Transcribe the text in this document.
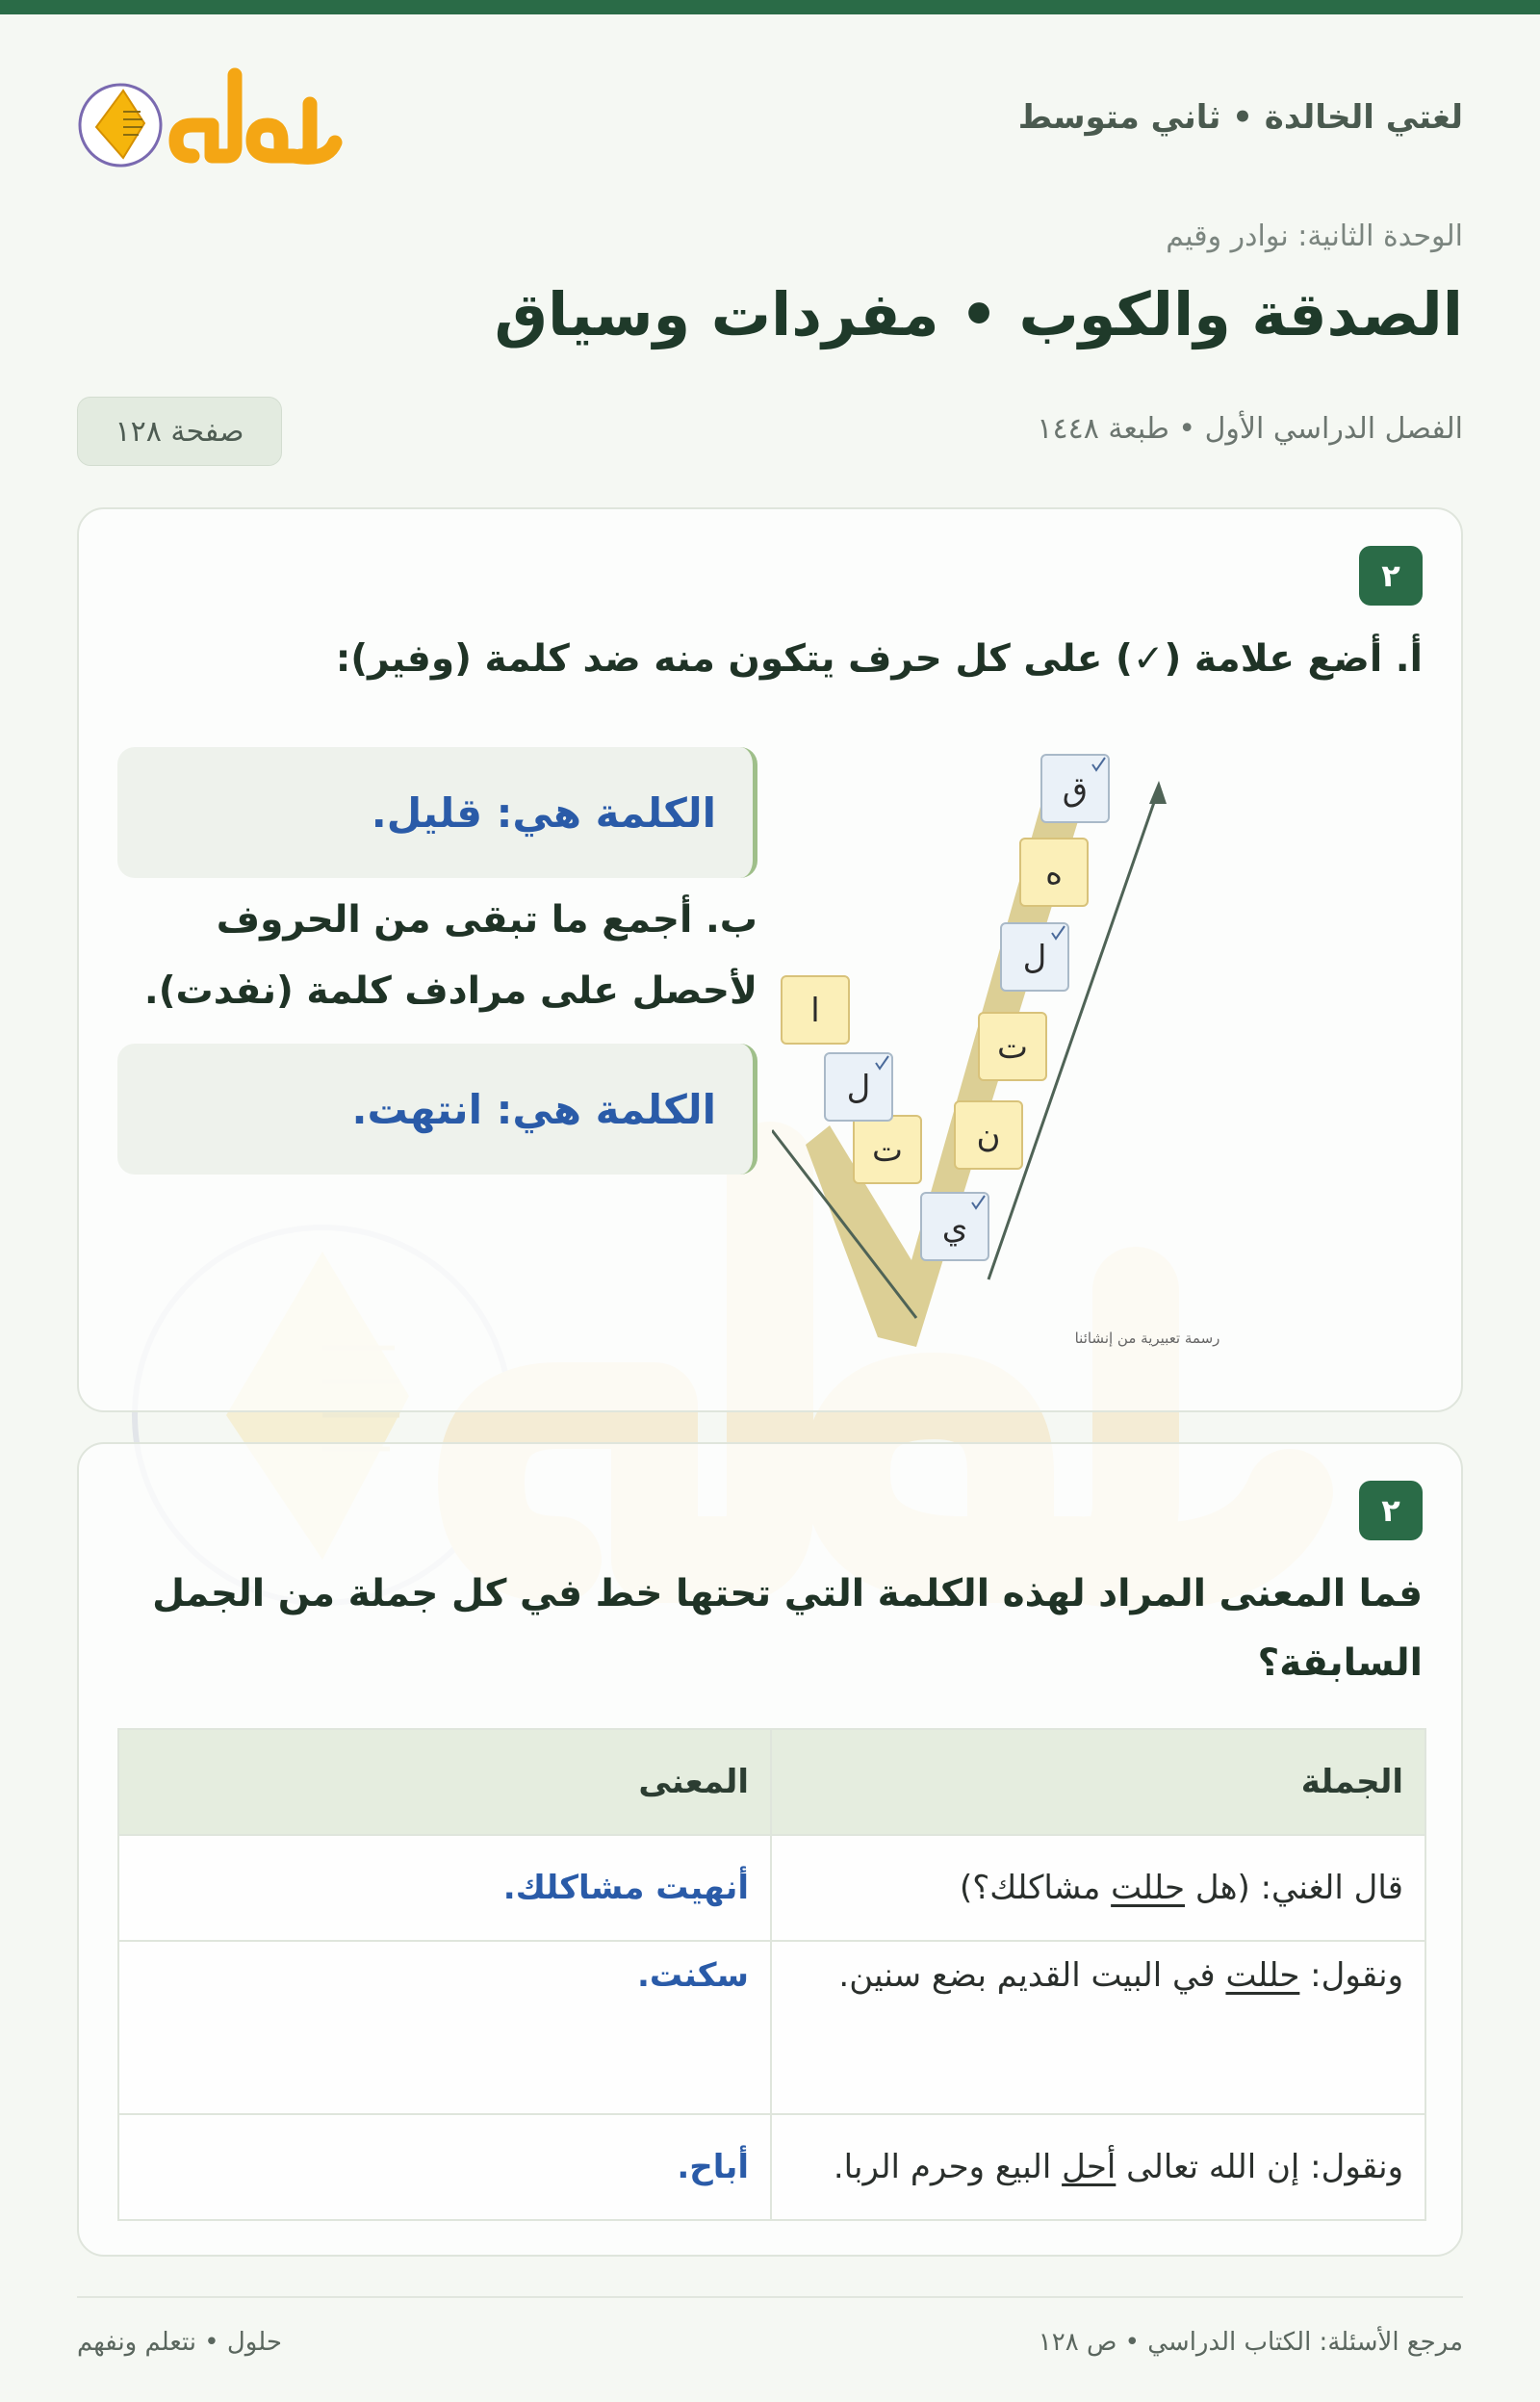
لغتي الخالدة • ثاني متوسط
الوحدة الثانية: نوادر وقيم
الصدقة والكوب • مفردات وسياق
الفصل الدراسي الأول • طبعة ١٤٤٨
صفحة ١٢٨
٢
أ. أضع علامة (✓) على كل حرف يتكون منه ضد كلمة (وفير):
الكلمة هي: قليل.
ب. أجمع ما تبقى من الحروف
لأحصل على مرادف كلمة (نفدت).
الكلمة هي: انتهت.
ق
ه
ل
ت
ن
ي
ت
ل
ا
رسمة تعبيرية من إنشائنا
٢
فما المعنى المراد لهذه الكلمة التي تحتها خط في كل جملة من الجمل السابقة؟
الجملة	المعنى
قال الغني: (هل حللت مشاكلك؟)	أنهيت مشاكلك.
ونقول: حللت في البيت القديم بضع سنين.	سكنت.
ونقول: إن الله تعالى أحل البيع وحرم الربا.	أباح.
مرجع الأسئلة: الكتاب الدراسي • ص ١٢٨
حلول • نتعلم ونفهم
